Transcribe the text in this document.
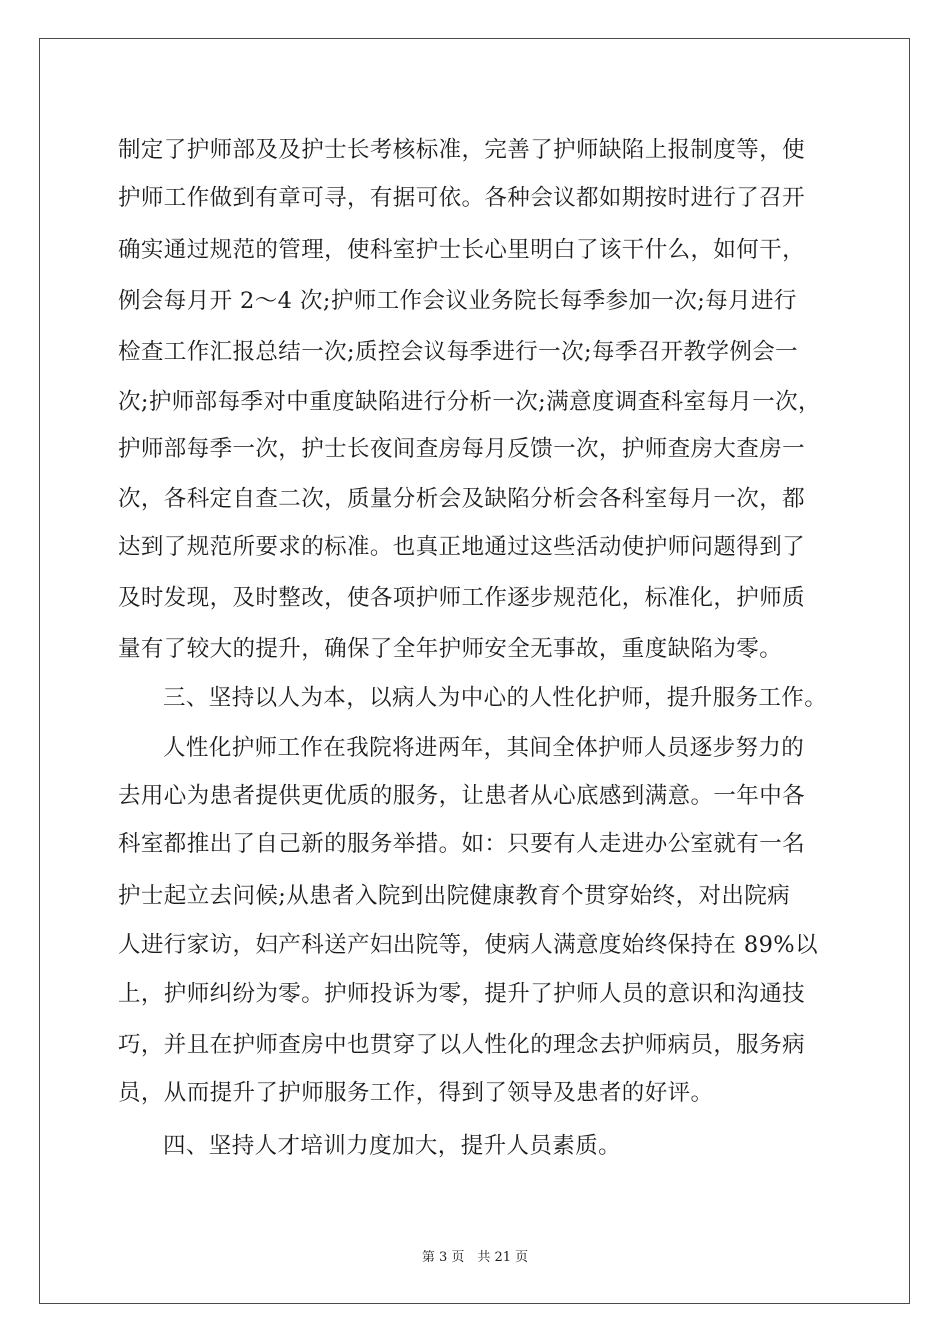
制定了护师部及及护士长考核标准，完善了护师缺陷上报制度等，使
护师工作做到有章可寻，有据可依。各种会议都如期按时进行了召开
确实通过规范的管理，使科室护士长心里明白了该干什么，如何干，
例会每月开 2～4 次;护师工作会议业务院长每季参加一次;每月进行
检查工作汇报总结一次;质控会议每季进行一次;每季召开教学例会一
次;护师部每季对中重度缺陷进行分析一次;满意度调查科室每月一次，
护师部每季一次，护士长夜间查房每月反馈一次，护师查房大查房一
次，各科定自查二次，质量分析会及缺陷分析会各科室每月一次，都
达到了规范所要求的标准。也真正地通过这些活动使护师问题得到了
及时发现，及时整改，使各项护师工作逐步规范化，标准化，护师质
量有了较大的提升，确保了全年护师安全无事故，重度缺陷为零。
三、坚持以人为本，以病人为中心的人性化护师，提升服务工作。
人性化护师工作在我院将进两年，其间全体护师人员逐步努力的
去用心为患者提供更优质的服务，让患者从心底感到满意。一年中各
科室都推出了自己新的服务举措。如：只要有人走进办公室就有一名
护士起立去问候;从患者入院到出院健康教育个贯穿始终，对出院病
人进行家访，妇产科送产妇出院等，使病人满意度始终保持在 89%以
上，护师纠纷为零。护师投诉为零，提升了护师人员的意识和沟通技
巧，并且在护师查房中也贯穿了以人性化的理念去护师病员，服务病
员，从而提升了护师服务工作，得到了领导及患者的好评。
四、坚持人才培训力度加大，提升人员素质。
第 3 页　共 21 页
